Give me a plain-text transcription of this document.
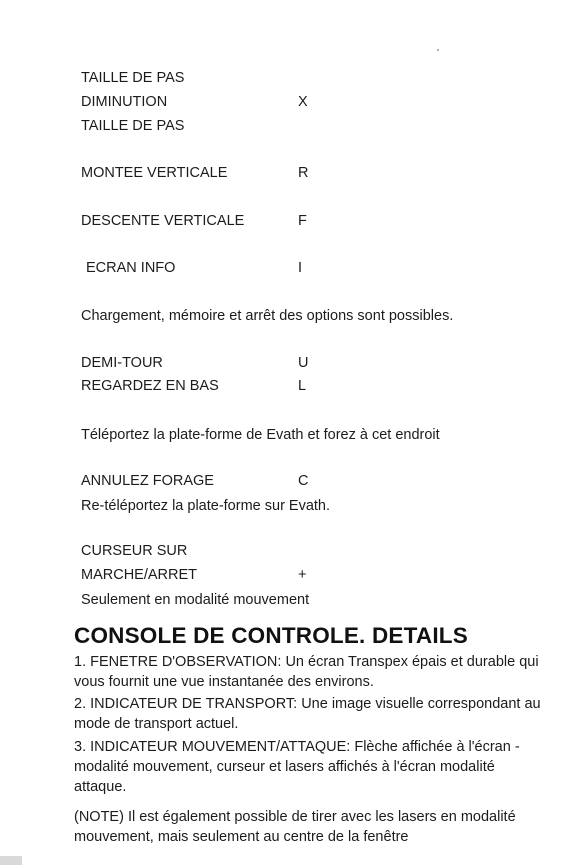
TAILLE DE PAS
DIMINUTION	X
TAILLE DE PAS
MONTEE VERTICALE	R
DESCENTE VERTICALE	F
ECRAN INFO	I
Chargement, mémoire et arrêt des options sont possibles.
DEMI-TOUR	U
REGARDEZ EN BAS	L
Téléportez la plate-forme de Evath et forez à cet endroit
ANNULEZ FORAGE	C
Re-téléportez la plate-forme sur Evath.
CURSEUR SUR
MARCHE/ARRET	+
Seulement en modalité mouvement
CONSOLE DE CONTROLE. DETAILS
1. FENETRE D'OBSERVATION: Un écran Transpex épais et durable qui vous fournit une vue instantanée des environs.
2. INDICATEUR DE TRANSPORT: Une image visuelle correspondant au mode de transport actuel.
3. INDICATEUR MOUVEMENT/ATTAQUE: Flèche affichée à l'écran - modalité mouvement, curseur et lasers affichés à l'écran modalité attaque.
(NOTE) Il est également possible de tirer avec les lasers en modalité mouvement, mais seulement au centre de la fenêtre
